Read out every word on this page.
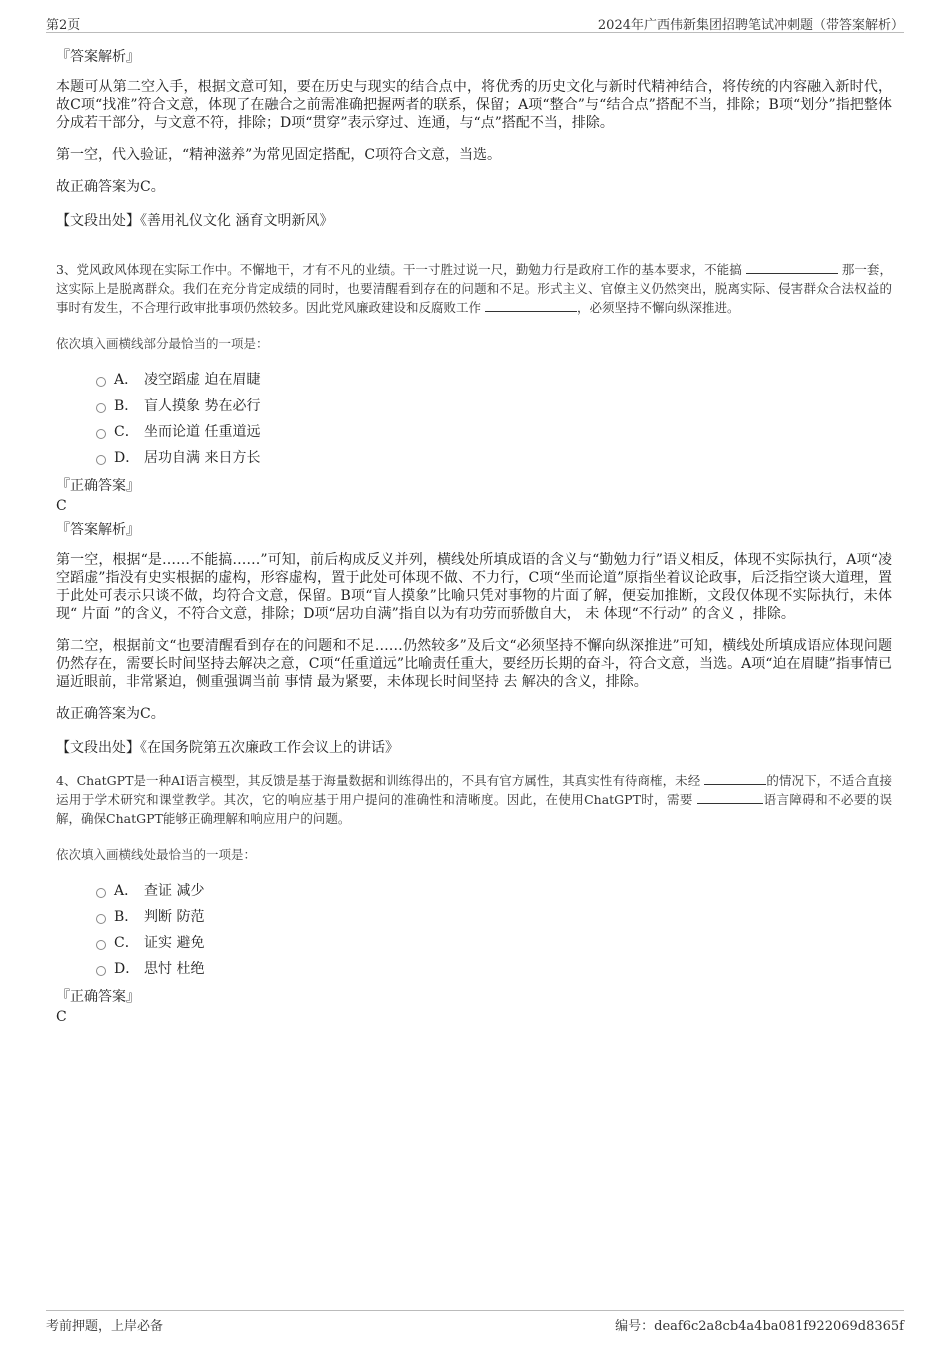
第2页	2024年广西伟新集团招聘笔试冲刺题（带答案解析）
『答案解析』

本题可从第二空入手，根据文意可知，要在历史与现实的结合点中，将优秀的历史文化与新时代精神结合，将传统的内容融入新时代，故C项“找准”符合文意，体现了在融合之前需准确把握两者的联系，保留；A项“整合”与“结合点”搭配不当，排除；B项“划分”指把整体分成若干部分，与文意不符，排除；D项“贯穿”表示穿过、连通，与“点”搭配不当，排除。

第一空，代入验证，“精神滋养”为常见固定搭配，C项符合文意，当选。

故正确答案为C。

【文段出处】《善用礼仪文化 涵育文明新风》

3、党风政风体现在实际工作中。不懈地干，才有不凡的业绩。干一寸胜过说一尺，勤勉力行是政府工作的基本要求，不能搞	那一套，这实际上是脱离群众。我们在充分肯定成绩的同时，也要清醒看到存在的问题和不足。形式主义、官僚主义仍然突出，脱离实际、侵害群众合法权益的事时有发生，不合理行政审批事项仍然较多。因此党风廉政建设和反腐败工作	，必须坚持不懈向纵深推进。

依次填入画横线部分最恰当的一项是：
A． 凌空蹈虚 迫在眉睫
B． 盲人摸象 势在必行
C． 坐而论道 任重道远
D． 居功自满 来日方长
『正确答案』
C
『答案解析』

第一空，根据“是……不能搞……”可知，前后构成反义并列，横线处所填成语的含义与“勤勉力行”语义相反，体现不实际执行，A项“凌空蹈虚”指没有史实根据的虚构，形容虚构，置于此处可体现不做、不力行，C项“坐而论道”原指坐着议论政事，后泛指空谈大道理，置于此处可表示只谈不做，均符合文意，保留。B项“盲人摸象”比喻只凭对事物的片面了解，便妄加推断，文段仅体现不实际执行，未体现“ 片面 ”的含义，不符合文意，排除；D项“居功自满”指自以为有功劳而骄傲自大， 未 体现“不行动” 的含义 ，排除。

第二空，根据前文“也要清醒看到存在的问题和不足……仍然较多”及后文“必须坚持不懈向纵深推进”可知，横线处所填成语应体现问题仍然存在，需要长时间坚持去解决之意，C项“任重道远”比喻责任重大，要经历长期的奋斗，符合文意，当选。A项“迫在眉睫”指事情已逼近眼前，非常紧迫，侧重强调当前 事情 最为紧要，未体现长时间坚持 去 解决的含义，排除。

故正确答案为C。

【文段出处】《在国务院第五次廉政工作会议上的讲话》

4、ChatGPT是一种AI语言模型，其反馈是基于海量数据和训练得出的，不具有官方属性，其真实性有待商榷，未经	的情况下，不适合直接运用于学术研究和课堂教学。其次，它的响应基于用户提问的准确性和清晰度。因此，在使用ChatGPT时，需要	语言障碍和不必要的误解，确保ChatGPT能够正确理解和响应用户的问题。

依次填入画横线处最恰当的一项是：
A． 查证 减少
B． 判断 防范
C． 证实 避免
D． 思忖 杜绝
『正确答案』
C
考前押题，上岸必备	编号：deaf6c2a8cb4a4ba081f922069d8365f
